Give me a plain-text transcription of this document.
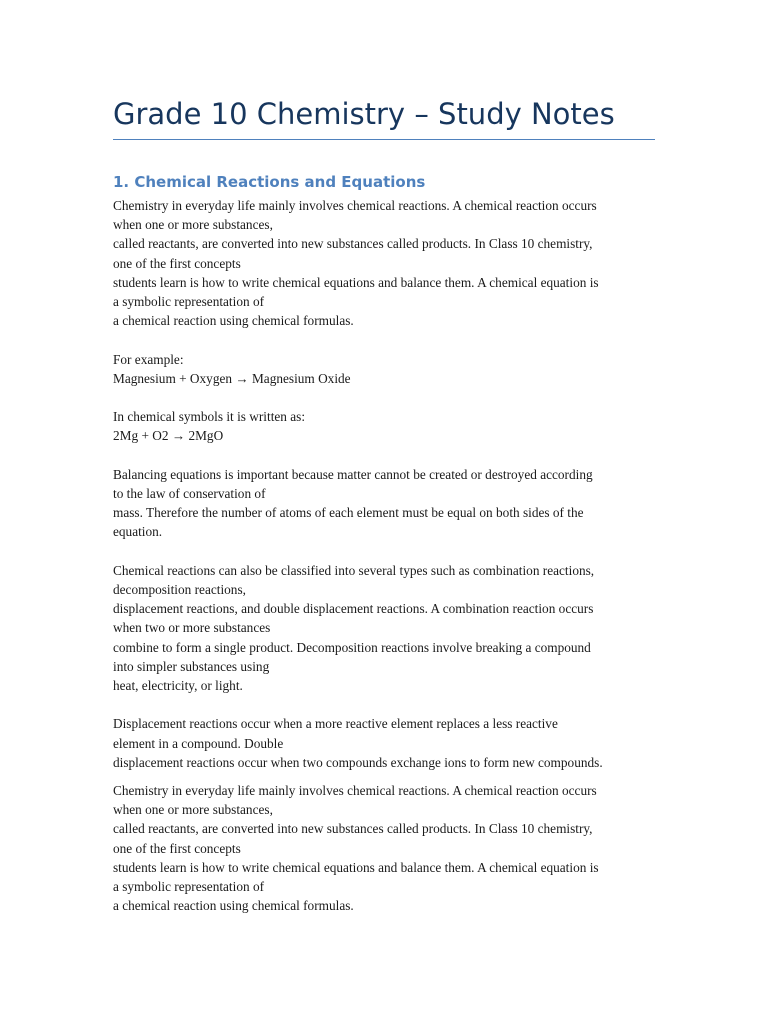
Grade 10 Chemistry – Study Notes
1. Chemical Reactions and Equations

Chemistry in everyday life mainly involves chemical reactions. A chemical reaction occurs
when one or more substances,
called reactants, are converted into new substances called products. In Class 10 chemistry,
one of the first concepts
students learn is how to write chemical equations and balance them. A chemical equation is
a symbolic representation of
a chemical reaction using chemical formulas.

For example:
Magnesium + Oxygen → Magnesium Oxide

In chemical symbols it is written as:
2Mg + O2 → 2MgO

Balancing equations is important because matter cannot be created or destroyed according
to the law of conservation of
mass. Therefore the number of atoms of each element must be equal on both sides of the
equation.

Chemical reactions can also be classified into several types such as combination reactions,
decomposition reactions,
displacement reactions, and double displacement reactions. A combination reaction occurs
when two or more substances
combine to form a single product. Decomposition reactions involve breaking a compound
into simpler substances using
heat, electricity, or light.

Displacement reactions occur when a more reactive element replaces a less reactive
element in a compound. Double
displacement reactions occur when two compounds exchange ions to form new compounds.

Chemistry in everyday life mainly involves chemical reactions. A chemical reaction occurs
when one or more substances,
called reactants, are converted into new substances called products. In Class 10 chemistry,
one of the first concepts
students learn is how to write chemical equations and balance them. A chemical equation is
a symbolic representation of
a chemical reaction using chemical formulas.
